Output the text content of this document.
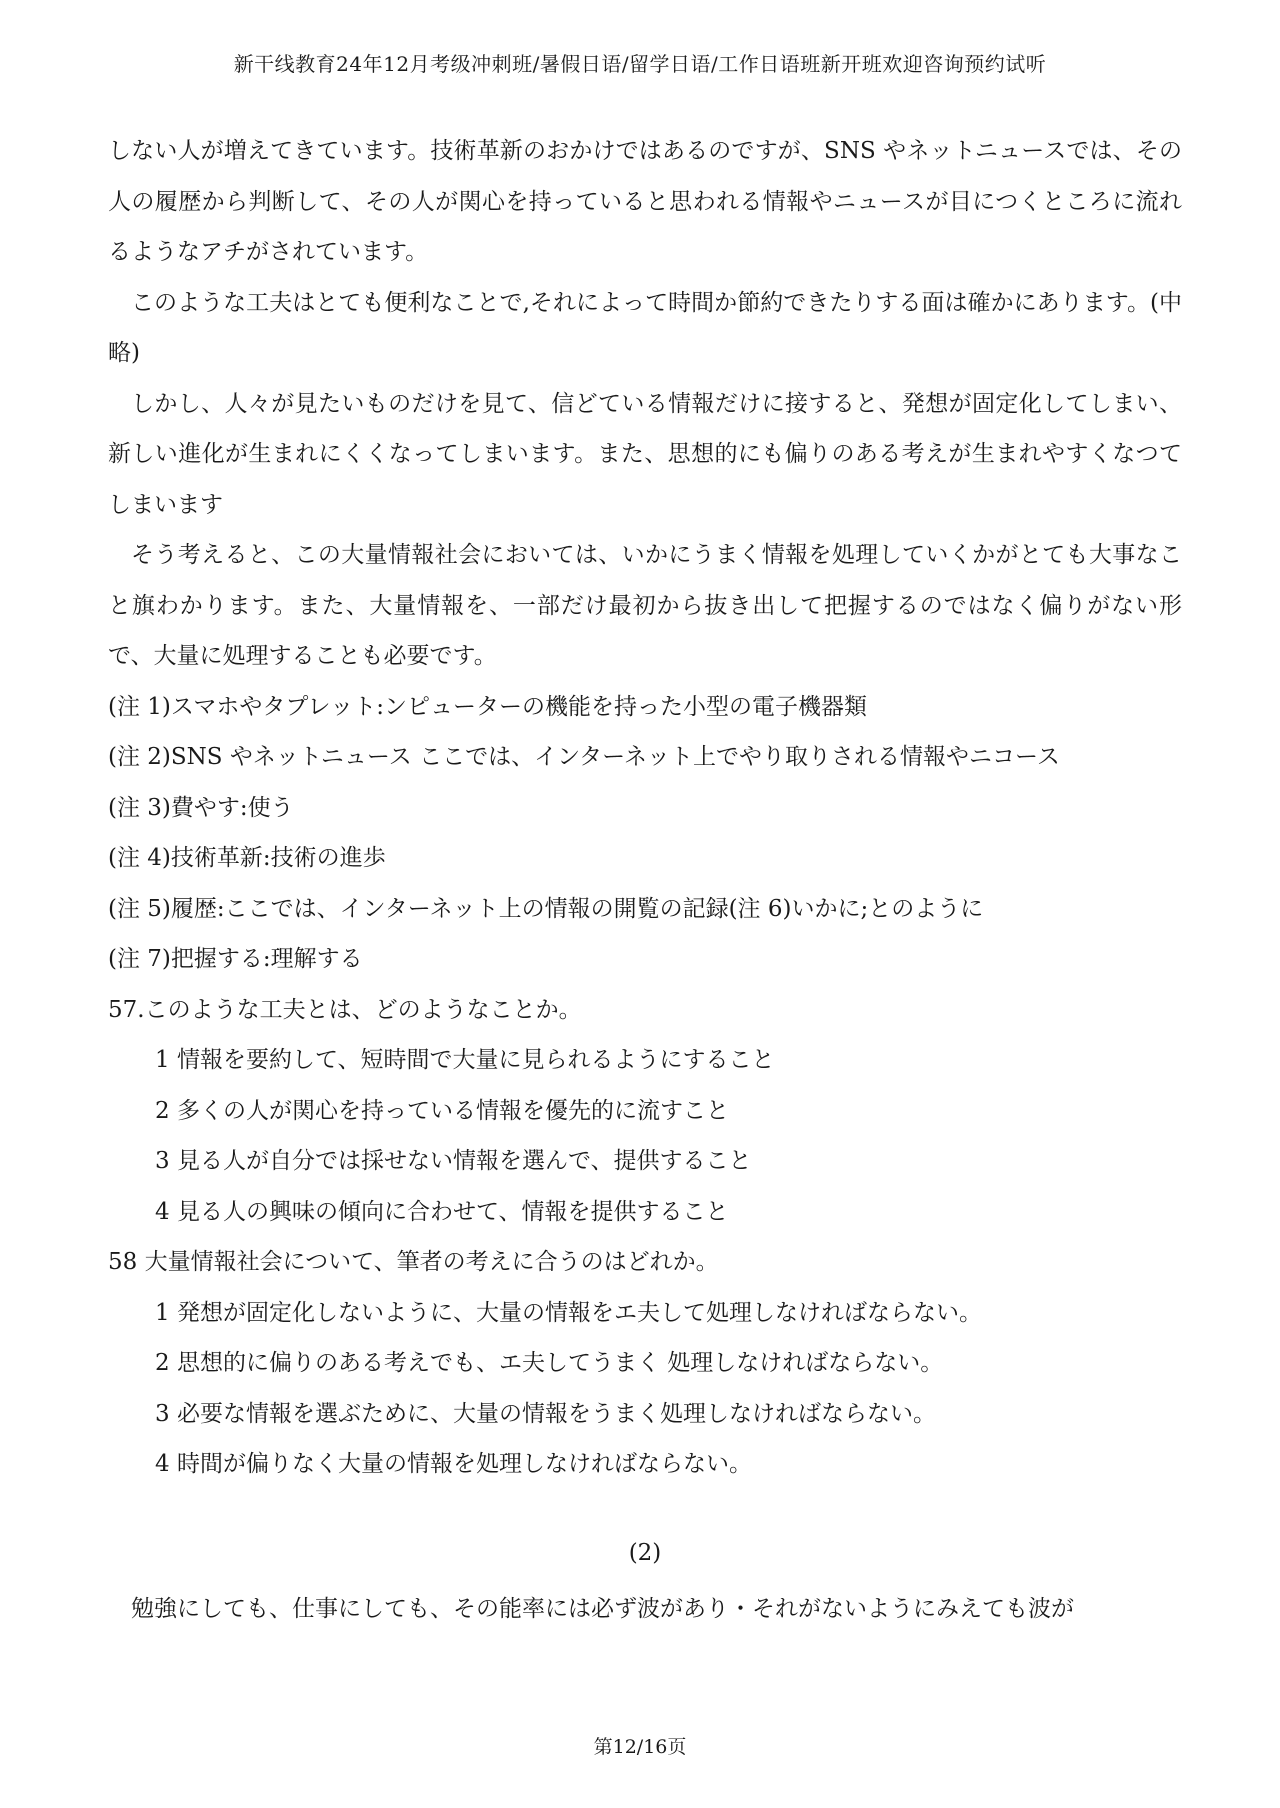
新干线教育24年12月考级冲刺班/暑假日语/留学日语/工作日语班新开班欢迎咨询预约试听

しない人が増えてきています。技術革新のおかけではあるのですが、SNS やネットニュースでは、その人の履歴から判断して、その人が関心を持っていると思われる情報やニュースが目につくところに流れるようなアチがされています。

このような工夫はとても便利なことで,それによって時間か節約できたりする面は確かにあります。(中略)

しかし、人々が見たいものだけを見て、信どている情報だけに接すると、発想が固定化してしまい、新しい進化が生まれにくくなってしまいます。また、思想的にも偏りのある考えが生まれやすくなつてしまいます

そう考えると、この大量情報社会においては、いかにうまく情報を処理していくかがとても大事なこと旗わかります。また、大量情報を、一部だけ最初から抜き出して把握するのではなく偏りがない形で、大量に処理することも必要です。

(注 1)スマホやタプレット:ンピューターの機能を持った小型の電子機器類

(注 2)SNS やネットニュース ここでは、インターネット上でやり取りされる情報やニコース

(注 3)費やす:使う

(注 4)技術革新:技術の進歩

(注 5)履歴:ここでは、インターネット上の情報の開覧の記録(注 6)いかに;とのように

(注 7)把握する:理解する

57.このような工夫とは、どのようなことか。

1 情報を要約して、短時間で大量に見られるようにすること

2 多くの人が関心を持っている情報を優先的に流すこと

3 見る人が自分では採せない情報を選んで、提供すること

4 見る人の興味の傾向に合わせて、情報を提供すること

58 大量情報社会について、筆者の考えに合うのはどれか。

1 発想が固定化しないように、大量の情報をエ夫して処理しなければならない。

2 思想的に偏りのある考えでも、エ夫してうまく 処理しなければならない。

3 必要な情報を選ぶために、大量の情報をうまく処理しなければならない。

4 時間が偏りなく大量の情報を処理しなければならない。

(2)

勉強にしても、仕事にしても、その能率には必ず波があり・それがないようにみえても波が

第12/16页
